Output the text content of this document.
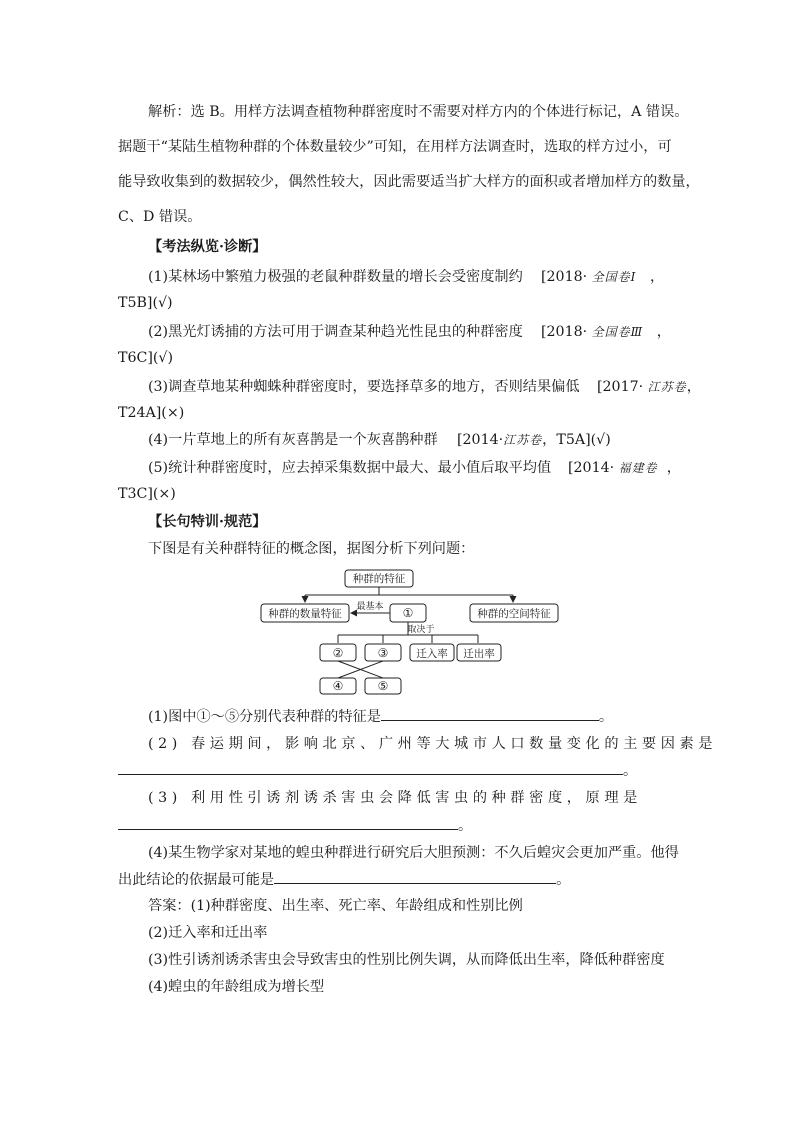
解析：选 B。用样方法调查植物种群密度时不需要对样方内的个体进行标记，A 错误。
据题干“某陆生植物种群的个体数量较少”可知，在用样方法调查时，选取的样方过小，可
能导致收集到的数据较少，偶然性较大，因此需要适当扩大样方的面积或者增加样方的数量，
C、D 错误。
【考法纵览·诊断】
(1)某林场中繁殖力极强的老鼠种群数量的增长会受密度制约 [2018· 全国卷Ⅰ ，
T5B](√)
(2)黑光灯诱捕的方法可用于调查某种趋光性昆虫的种群密度 [2018· 全国卷Ⅲ ，
T6C](√)
(3)调查草地某种蜘蛛种群密度时，要选择草多的地方，否则结果偏低 [2017· 江苏卷，
T24A](×)
(4)一片草地上的所有灰喜鹊是一个灰喜鹊种群 [2014·江苏卷，T5A](√)
(5)统计种群密度时，应去掉采集数据中最大、最小值后取平均值 [2014· 福建卷 ，
T3C](×)
【长句特训·规范】
下图是有关种群特征的概念图，据图分析下列问题：
种群的特征
种群的数量特征	种群的空间特征
最基本 ①
取决于
②	③	迁入率 迁出率
④	⑤
(1)图中①～⑤分别代表种群的特征是	。
(2) 春运期间，影响北京、广州等大城市人口数量变化的主要因素是
。
(3) 利用性引诱剂诱杀害虫会降低害虫的种群密度，原理是
。
(4)某生物学家对某地的蝗虫种群进行研究后大胆预测：不久后蝗灾会更加严重。他得
出此结论的依据最可能是	。
答案：(1)种群密度、出生率、死亡率、年龄组成和性别比例
(2)迁入率和迁出率
(3)性引诱剂诱杀害虫会导致害虫的性别比例失调，从而降低出生率，降低种群密度
(4)蝗虫的年龄组成为增长型
